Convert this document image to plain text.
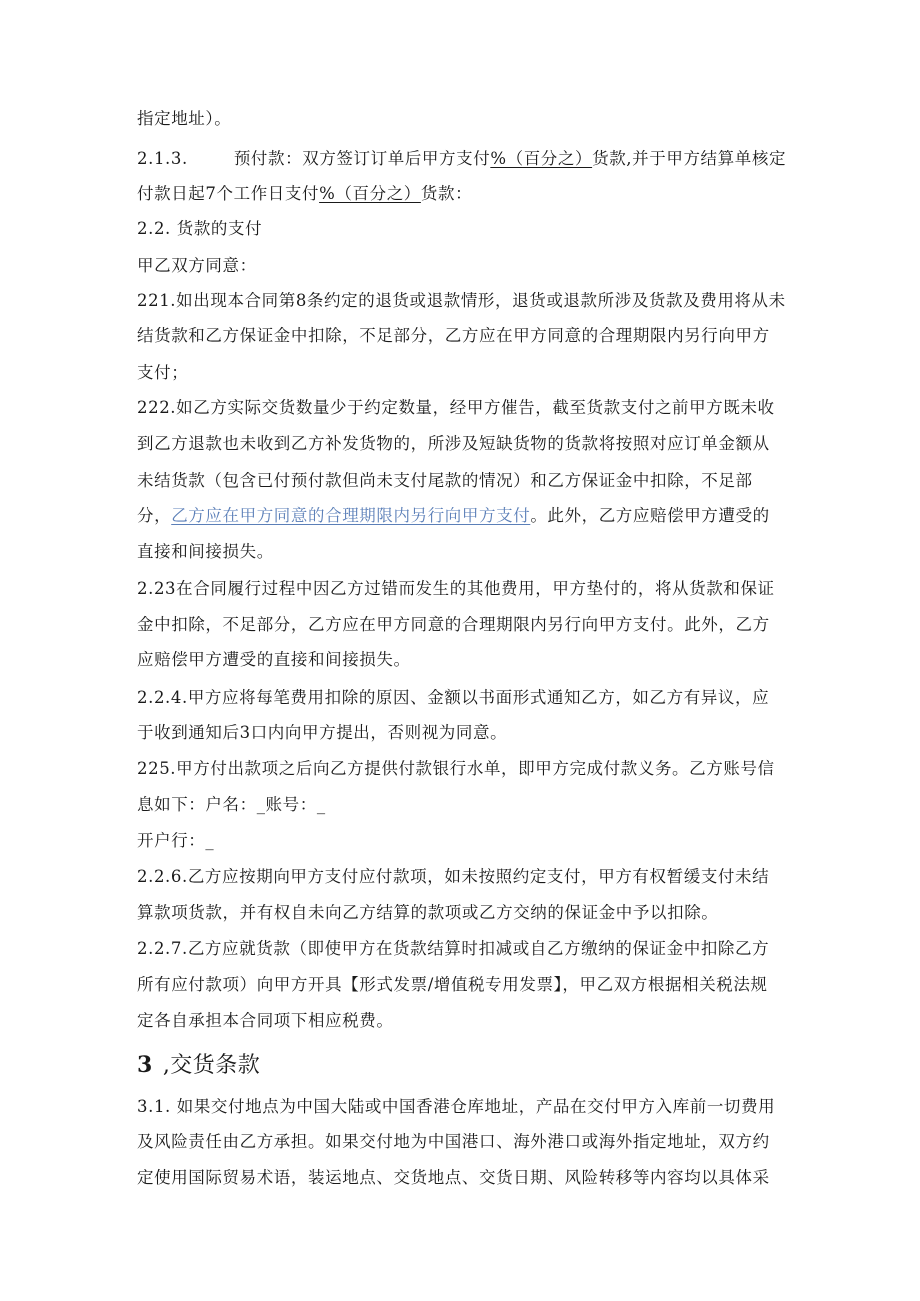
指定地址）。
2.1.3.	预付款：双方签订订单后甲方支付%（百分之）货款,并于甲方结算单核定
付款日起7个工作日支付%（百分之）货款：
2.2. 货款的支付
甲乙双方同意：
221.如出现本合同第8条约定的退货或退款情形，退货或退款所涉及货款及费用将从未
结货款和乙方保证金中扣除，不足部分，乙方应在甲方同意的合理期限内另行向甲方
支付；
222.如乙方实际交货数量少于约定数量，经甲方催告，截至货款支付之前甲方既未收
到乙方退款也未收到乙方补发货物的，所涉及短缺货物的货款将按照对应订单金额从
未结货款（包含已付预付款但尚未支付尾款的情况）和乙方保证金中扣除，不足部
分，乙方应在甲方同意的合理期限内另行向甲方支付。此外，乙方应赔偿甲方遭受的
直接和间接损失。
2.23在合同履行过程中因乙方过错而发生的其他费用，甲方垫付的，将从货款和保证
金中扣除，不足部分，乙方应在甲方同意的合理期限内另行向甲方支付。此外，乙方
应赔偿甲方遭受的直接和间接损失。
2.2.4.甲方应将每笔费用扣除的原因、金额以书面形式通知乙方，如乙方有异议，应
于收到通知后3口内向甲方提出，否则视为同意。
225.甲方付出款项之后向乙方提供付款银行水单，即甲方完成付款义务。乙方账号信
息如下：户名：_账号：_
开户行：_
2.2.6.乙方应按期向甲方支付应付款项，如未按照约定支付，甲方有权暂缓支付未结
算款项货款，并有权自未向乙方结算的款项或乙方交纳的保证金中予以扣除。
2.2.7.乙方应就货款（即使甲方在货款结算时扣减或自乙方缴纳的保证金中扣除乙方
所有应付款项）向甲方开具【形式发票/增值税专用发票】，甲乙双方根据相关税法规
定各自承担本合同项下相应税费。
3 ,交货条款
3.1. 如果交付地点为中国大陆或中国香港仓库地址，产品在交付甲方入库前一切费用
及风险责任由乙方承担。如果交付地为中国港口、海外港口或海外指定地址，双方约
定使用国际贸易术语，装运地点、交货地点、交货日期、风险转移等内容均以具体采
